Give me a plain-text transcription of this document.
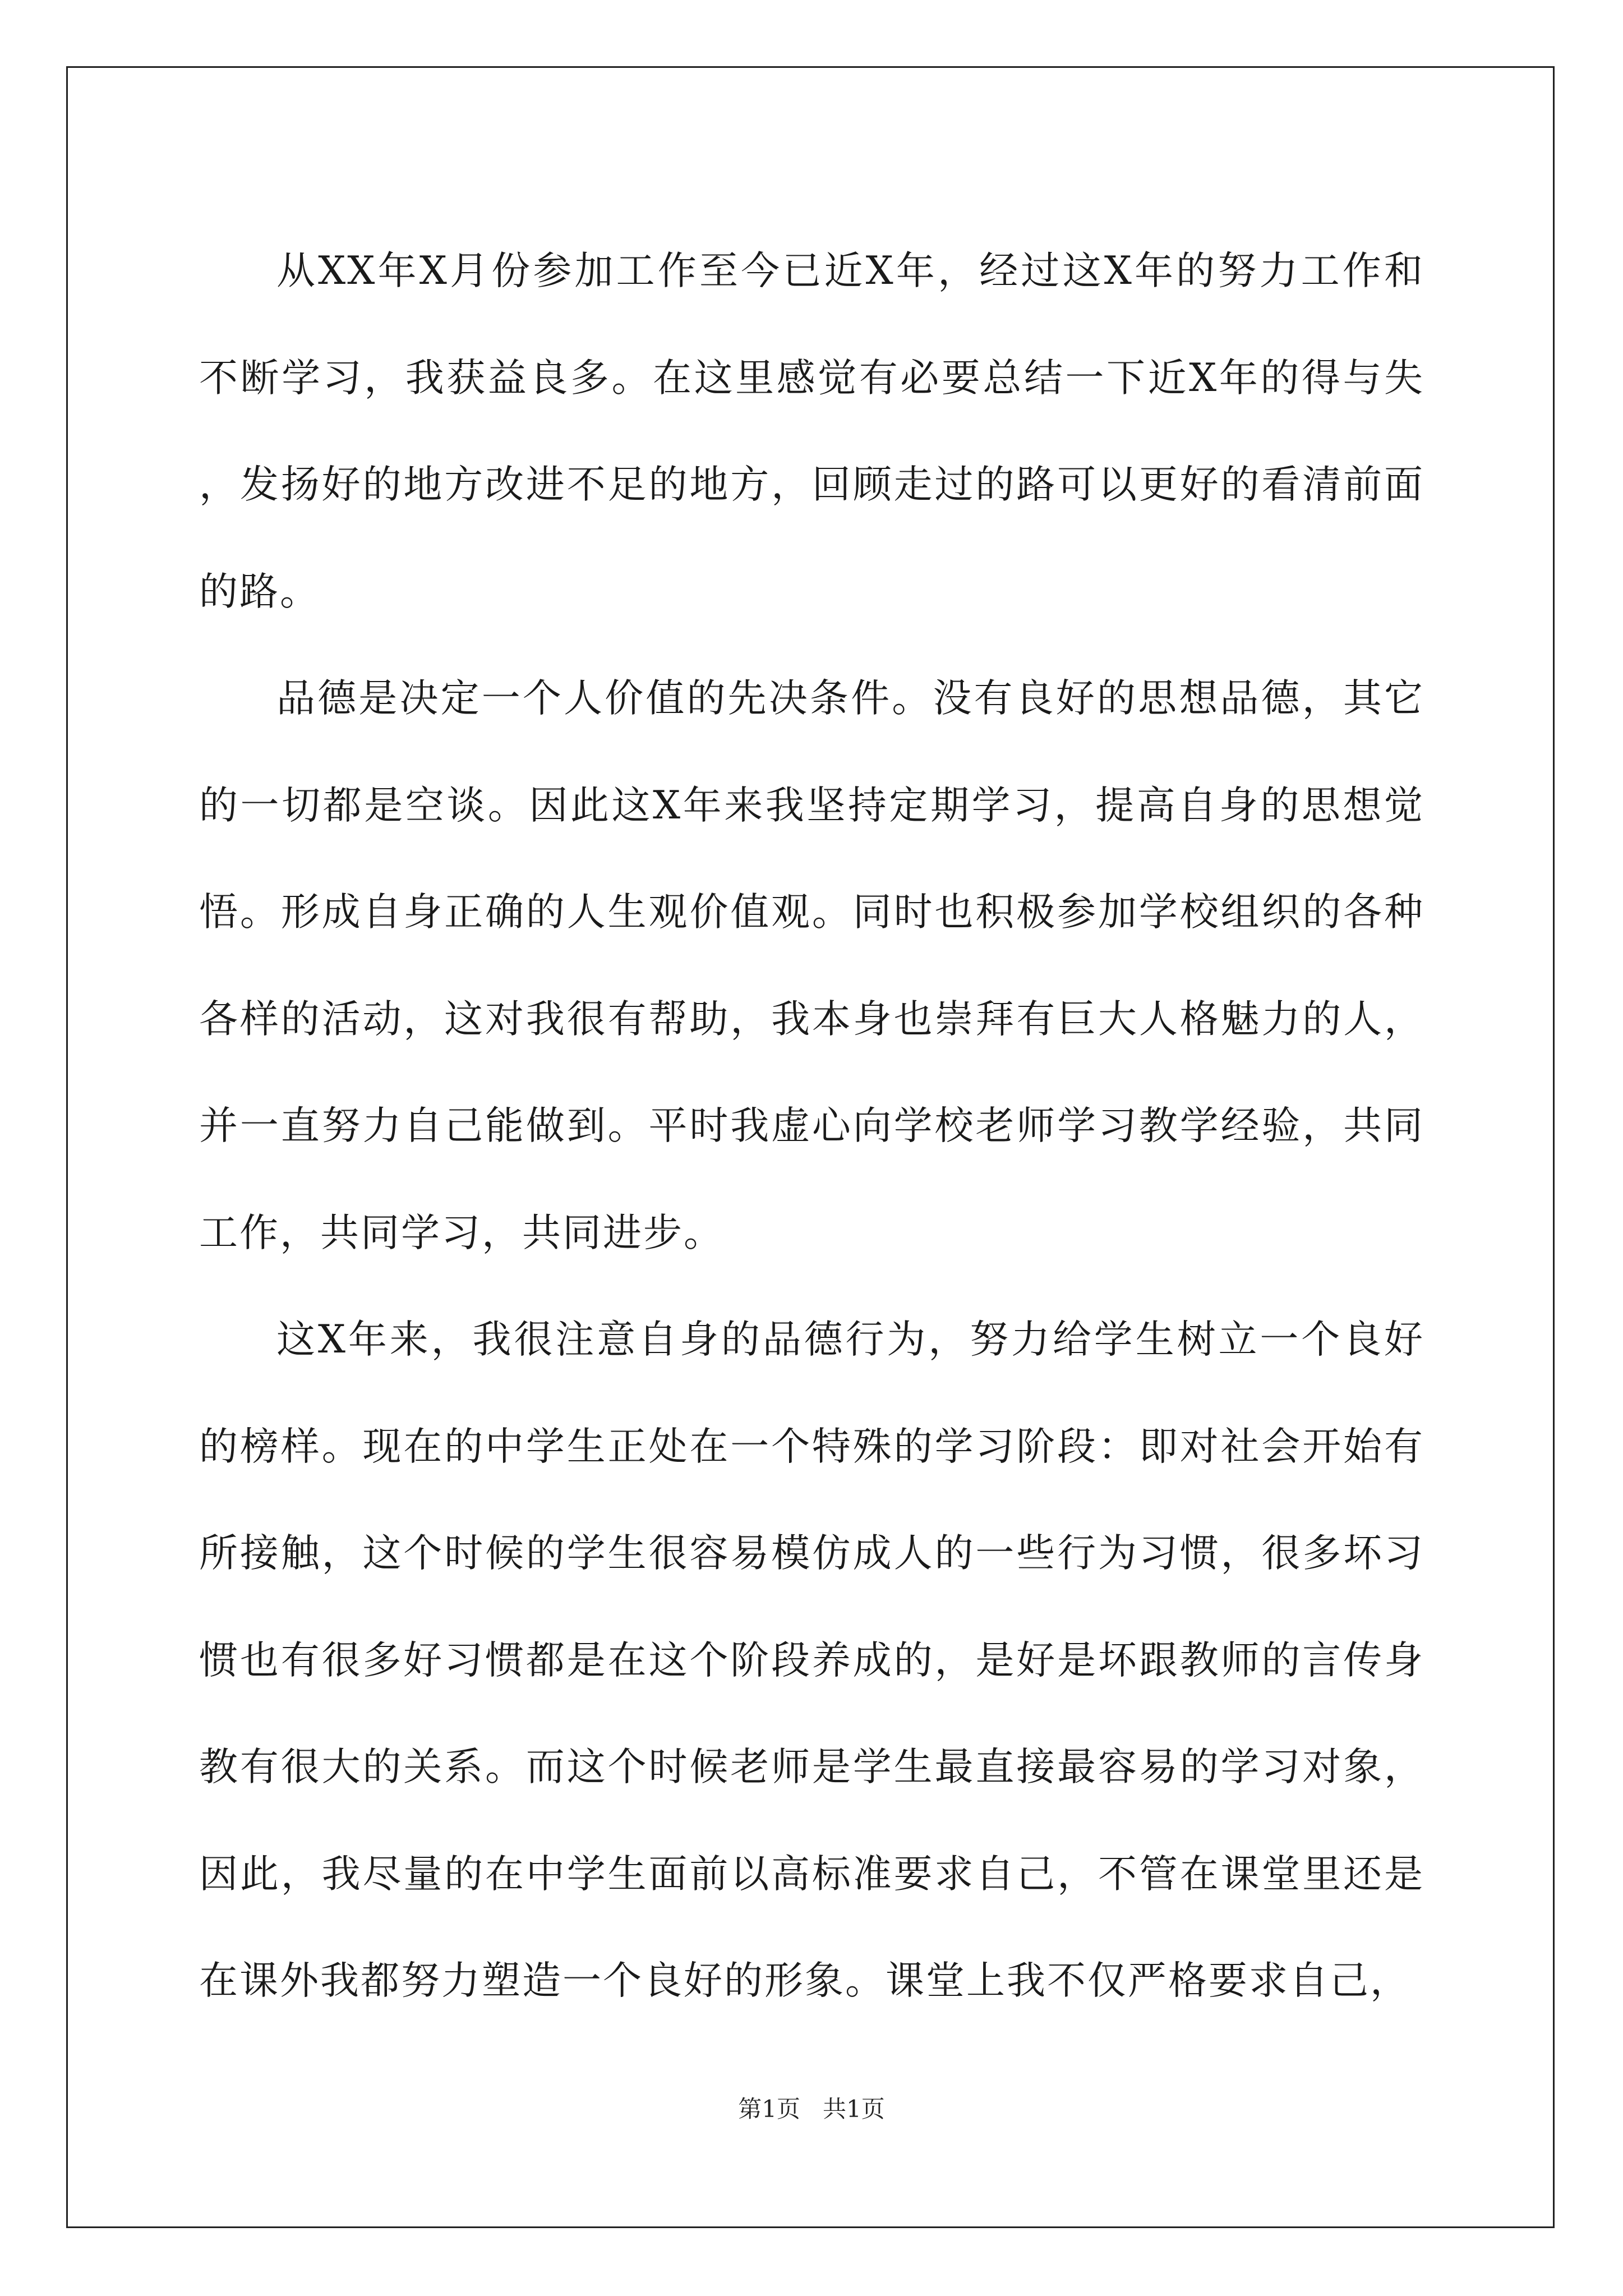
从XX年X月份参加工作至今已近X年，经过这X年的努力工作和不断学习，我获益良多。在这里感觉有必要总结一下近X年的得与失，发扬好的地方改进不足的地方，回顾走过的路可以更好的看清前面的路。

品德是决定一个人价值的先决条件。没有良好的思想品德，其它的一切都是空谈。因此这X年来我坚持定期学习，提高自身的思想觉悟。形成自身正确的人生观价值观。同时也积极参加学校组织的各种各样的活动，这对我很有帮助，我本身也崇拜有巨大人格魅力的人，并一直努力自己能做到。平时我虚心向学校老师学习教学经验，共同工作，共同学习，共同进步。

这X年来，我很注意自身的品德行为，努力给学生树立一个良好的榜样。现在的中学生正处在一个特殊的学习阶段：即对社会开始有所接触，这个时候的学生很容易模仿成人的一些行为习惯，很多坏习惯也有很多好习惯都是在这个阶段养成的，是好是坏跟教师的言传身教有很大的关系。而这个时候老师是学生最直接最容易的学习对象，因此，我尽量的在中学生面前以高标准要求自己，不管在课堂里还是在课外我都努力塑造一个良好的形象。课堂上我不仅严格要求自己，

第1页 共1页
